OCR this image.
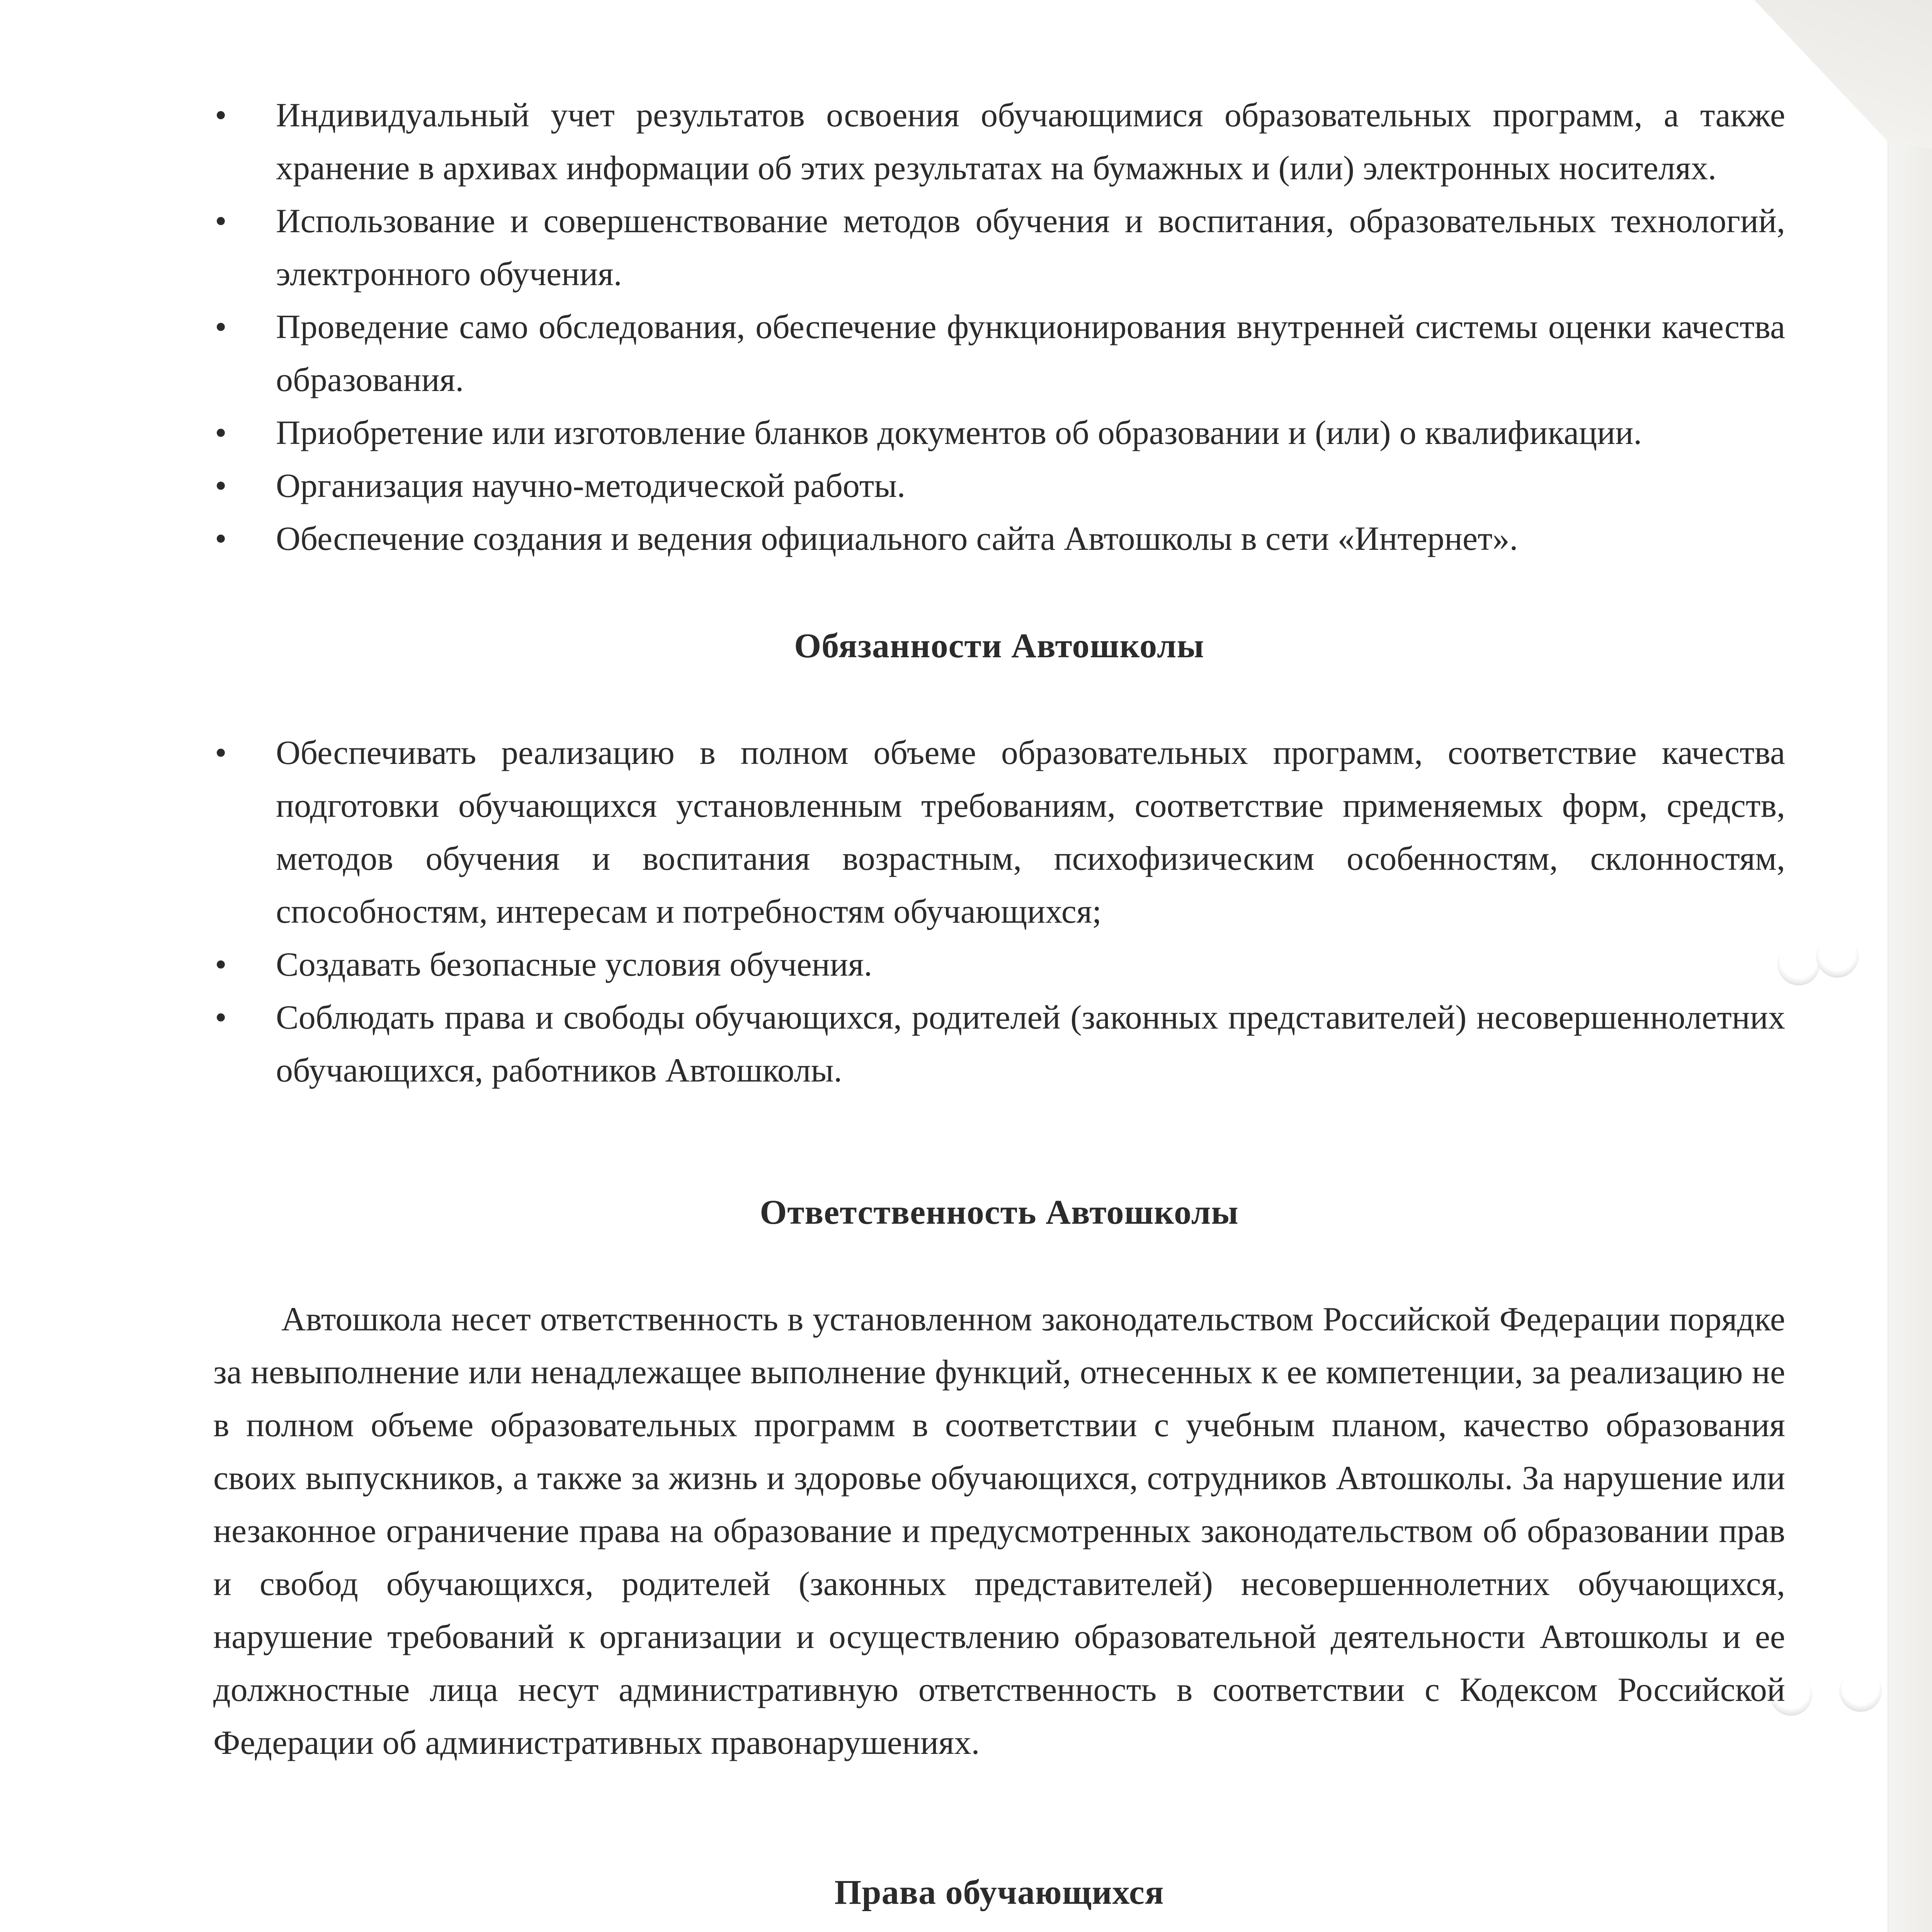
• Индивидуальный учет результатов освоения обучающимися образовательных программ, а также хранение в архивах информации об этих результатах на бумажных и (или) электронных носителях.
• Использование и совершенствование методов обучения и воспитания, образовательных технологий, электронного обучения.
• Проведение само обследования, обеспечение функционирования внутренней системы оценки качества образования.
• Приобретение или изготовление бланков документов об образовании и (или) о квалификации.
• Организация научно-методической работы.
• Обеспечение создания и ведения официального сайта Автошколы в сети «Интернет».
Обязанности Автошколы
• Обеспечивать реализацию в полном объеме образовательных программ, соответствие качества подготовки обучающихся установленным требованиям, соответствие применяемых форм, средств, методов обучения и воспитания возрастным, психофизическим особенностям, склонностям, способностям, интересам и потребностям обучающихся;
• Создавать безопасные условия обучения.
• Соблюдать права и свободы обучающихся, родителей (законных представителей) несовершеннолетних обучающихся, работников Автошколы.
Ответственность Автошколы

Автошкола несет ответственность в установленном законодательством Российской Федерации порядке за невыполнение или ненадлежащее выполнение функций, отнесенных к ее компетенции, за реализацию не в полном объеме образовательных программ в соответствии с учебным планом, качество образования своих выпускников, а также за жизнь и здоровье обучающихся, сотрудников Автошколы. За нарушение или незаконное ограничение права на образование и предусмотренных законодательством об образовании прав и свобод обучающихся, родителей (законных представителей) несовершеннолетних обучающихся, нарушение требований к организации и осуществлению образовательной деятельности Автошколы и ее должностные лица несут административную ответственность в соответствии с Кодексом Российской Федерации об административных правонарушениях.

Права обучающихся
